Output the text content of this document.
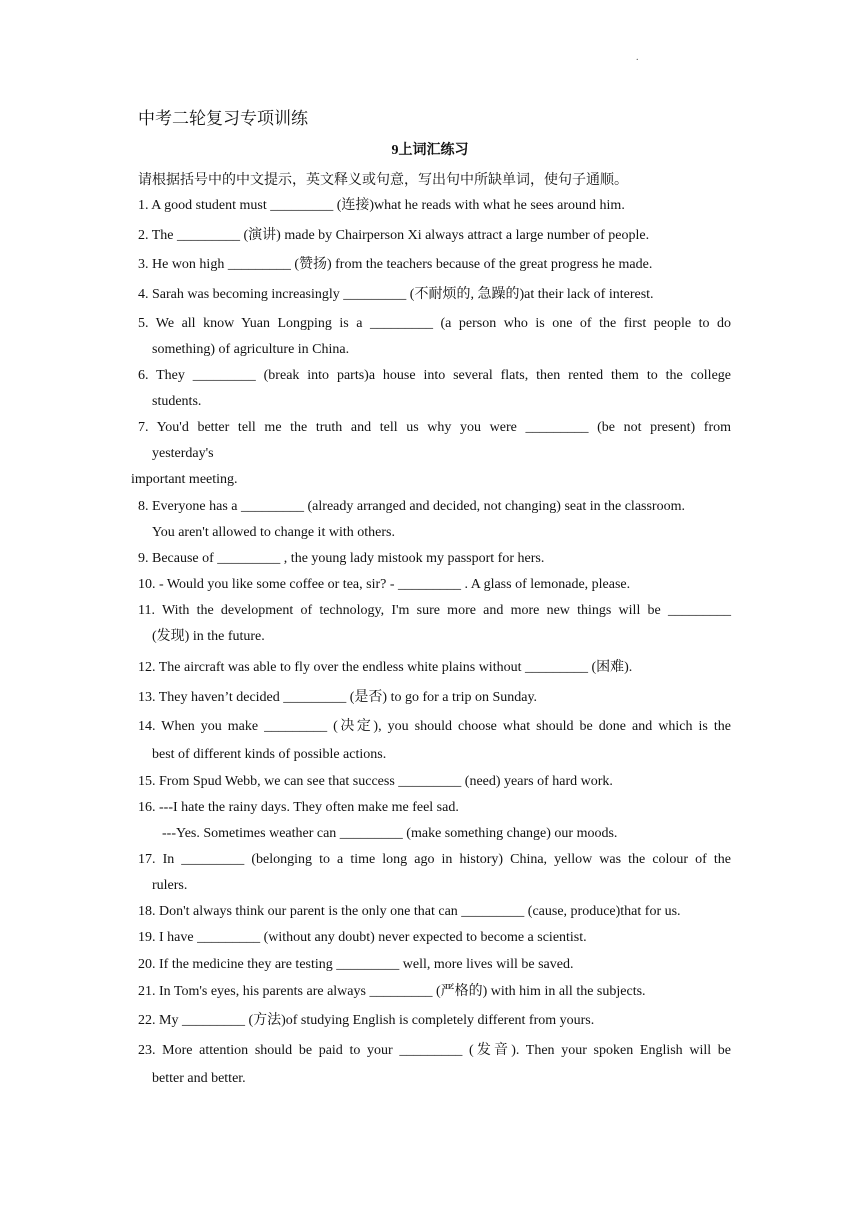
.
中考二轮复习专项训练
9上词汇练习
请根据括号中的中文提示，英文释义或句意，写出句中所缺单词，使句子通顺。
1. A good student must _________ (连接)what he reads with what he sees around him.
2. The _________ (演讲) made by Chairperson Xi always attract a large number of people.
3. He won high _________ (赞扬) from the teachers because of the great progress he made.
4. Sarah was becoming increasingly _________ (不耐烦的, 急躁的)at their lack of interest.
5. We all know Yuan Longping is a _________ (a person who is one of the first people to do
something) of agriculture in China.
6. They _________ (break into parts)a house into several flats, then rented them to the college
students.
7. You'd better tell me the truth and tell us why you were _________ (be not present) from
yesterday's
important meeting.
8. Everyone has a _________ (already arranged and decided, not changing) seat in the classroom.
You aren't allowed to change it with others.
9. Because of _________ , the young lady mistook my passport for hers.
10. - Would you like some coffee or tea, sir? - _________ . A glass of lemonade, please.
11. With the development of technology, I'm sure more and more new things will be _________
(发现) in the future.
12. The aircraft was able to fly over the endless white plains without _________ (困难).
13. They haven’t decided _________ (是否) to go for a trip on Sunday.
14. When you make _________ (决定), you should choose what should be done and which is the
best of different kinds of possible actions.
15. From Spud Webb, we can see that success _________ (need) years of hard work.
16. ---I hate the rainy days. They often make me feel sad.
---Yes. Sometimes weather can _________ (make something change) our moods.
17. In _________ (belonging to a time long ago in history) China, yellow was the colour of the
rulers.
18. Don't always think our parent is the only one that can _________ (cause, produce)that for us.
19. I have _________ (without any doubt) never expected to become a scientist.
20. If the medicine they are testing _________ well, more lives will be saved.
21. In Tom's eyes, his parents are always _________ (严格的) with him in all the subjects.
22. My _________ (方法)of studying English is completely different from yours.
23. More attention should be paid to your _________ (发音). Then your spoken English will be
better and better.
